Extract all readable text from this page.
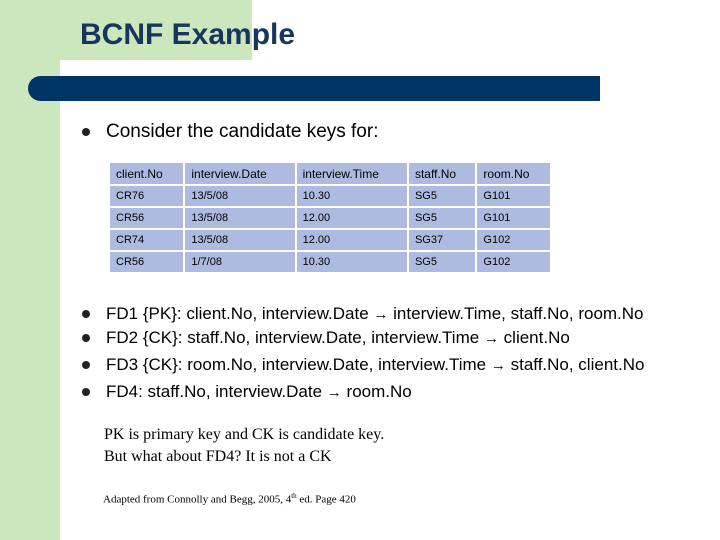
BCNF Example
Consider the candidate keys for:
client.No	interview.Date	interview.Time	staff.No	room.No
CR76	13/5/08	10.30	SG5	G101
CR56	13/5/08	12.00	SG5	G101
CR74	13/5/08	12.00	SG37	G102
CR56	1/7/08	10.30	SG5	G102
FD1 {PK}: client.No, interview.Date → interview.Time, staff.No, room.No
FD2 {CK}: staff.No, interview.Date, interview.Time → client.No
FD3 {CK}: room.No, interview.Date, interview.Time → staff.No, client.No
FD4: staff.No, interview.Date → room.No
PK is primary key and CK is candidate key.
But what about FD4? It is not a CK
Adapted from Connolly and Begg, 2005, 4th ed. Page 420
